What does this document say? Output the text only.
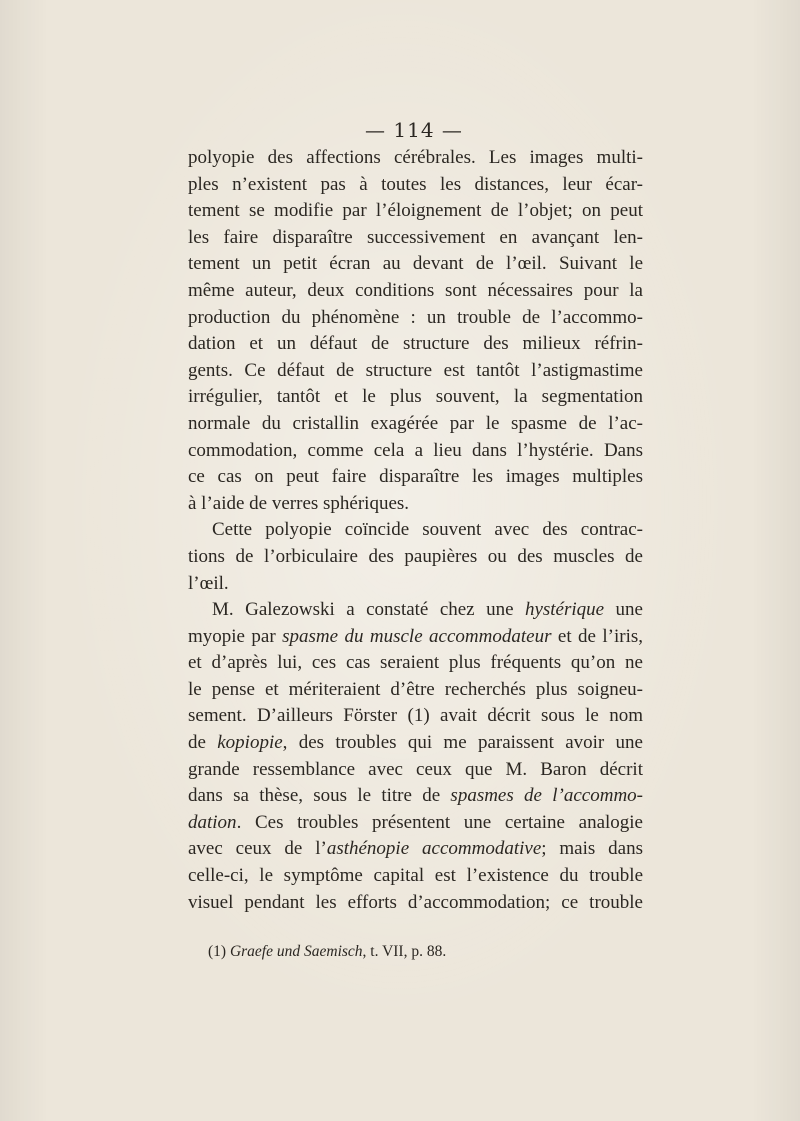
— 114 —
polyopie des affections cérébrales. Les images multi-
ples n’existent pas à toutes les distances, leur écar-
tement se modifie par l’éloignement de l’objet; on peut
les faire disparaître successivement en avançant len-
tement un petit écran au devant de l’œil. Suivant le
même auteur, deux conditions sont nécessaires pour la
production du phénomène : un trouble de l’accommo-
dation et un défaut de structure des milieux réfrin-
gents. Ce défaut de structure est tantôt l’astigmastime
irrégulier, tantôt et le plus souvent, la segmentation
normale du cristallin exagérée par le spasme de l’ac-
commodation, comme cela a lieu dans l’hystérie. Dans
ce cas on peut faire disparaître les images multiples
à l’aide de verres sphériques.
Cette polyopie coïncide souvent avec des contrac-
tions de l’orbiculaire des paupières ou des muscles de
l’œil.
M. Galezowski a constaté chez une hystérique une
myopie par spasme du muscle accommodateur et de l’iris,
et d’après lui, ces cas seraient plus fréquents qu’on ne
le pense et mériteraient d’être recherchés plus soigneu-
sement. D’ailleurs Förster (1) avait décrit sous le nom
de kopiopie, des troubles qui me paraissent avoir une
grande ressemblance avec ceux que M. Baron décrit
dans sa thèse, sous le titre de spasmes de l’accommo-
dation. Ces troubles présentent une certaine analogie
avec ceux de l’asthénopie accommodative; mais dans
celle-ci, le symptôme capital est l’existence du trouble
visuel pendant les efforts d’accommodation; ce trouble
(1) Graefe und Saemisch, t. VII, p. 88.
